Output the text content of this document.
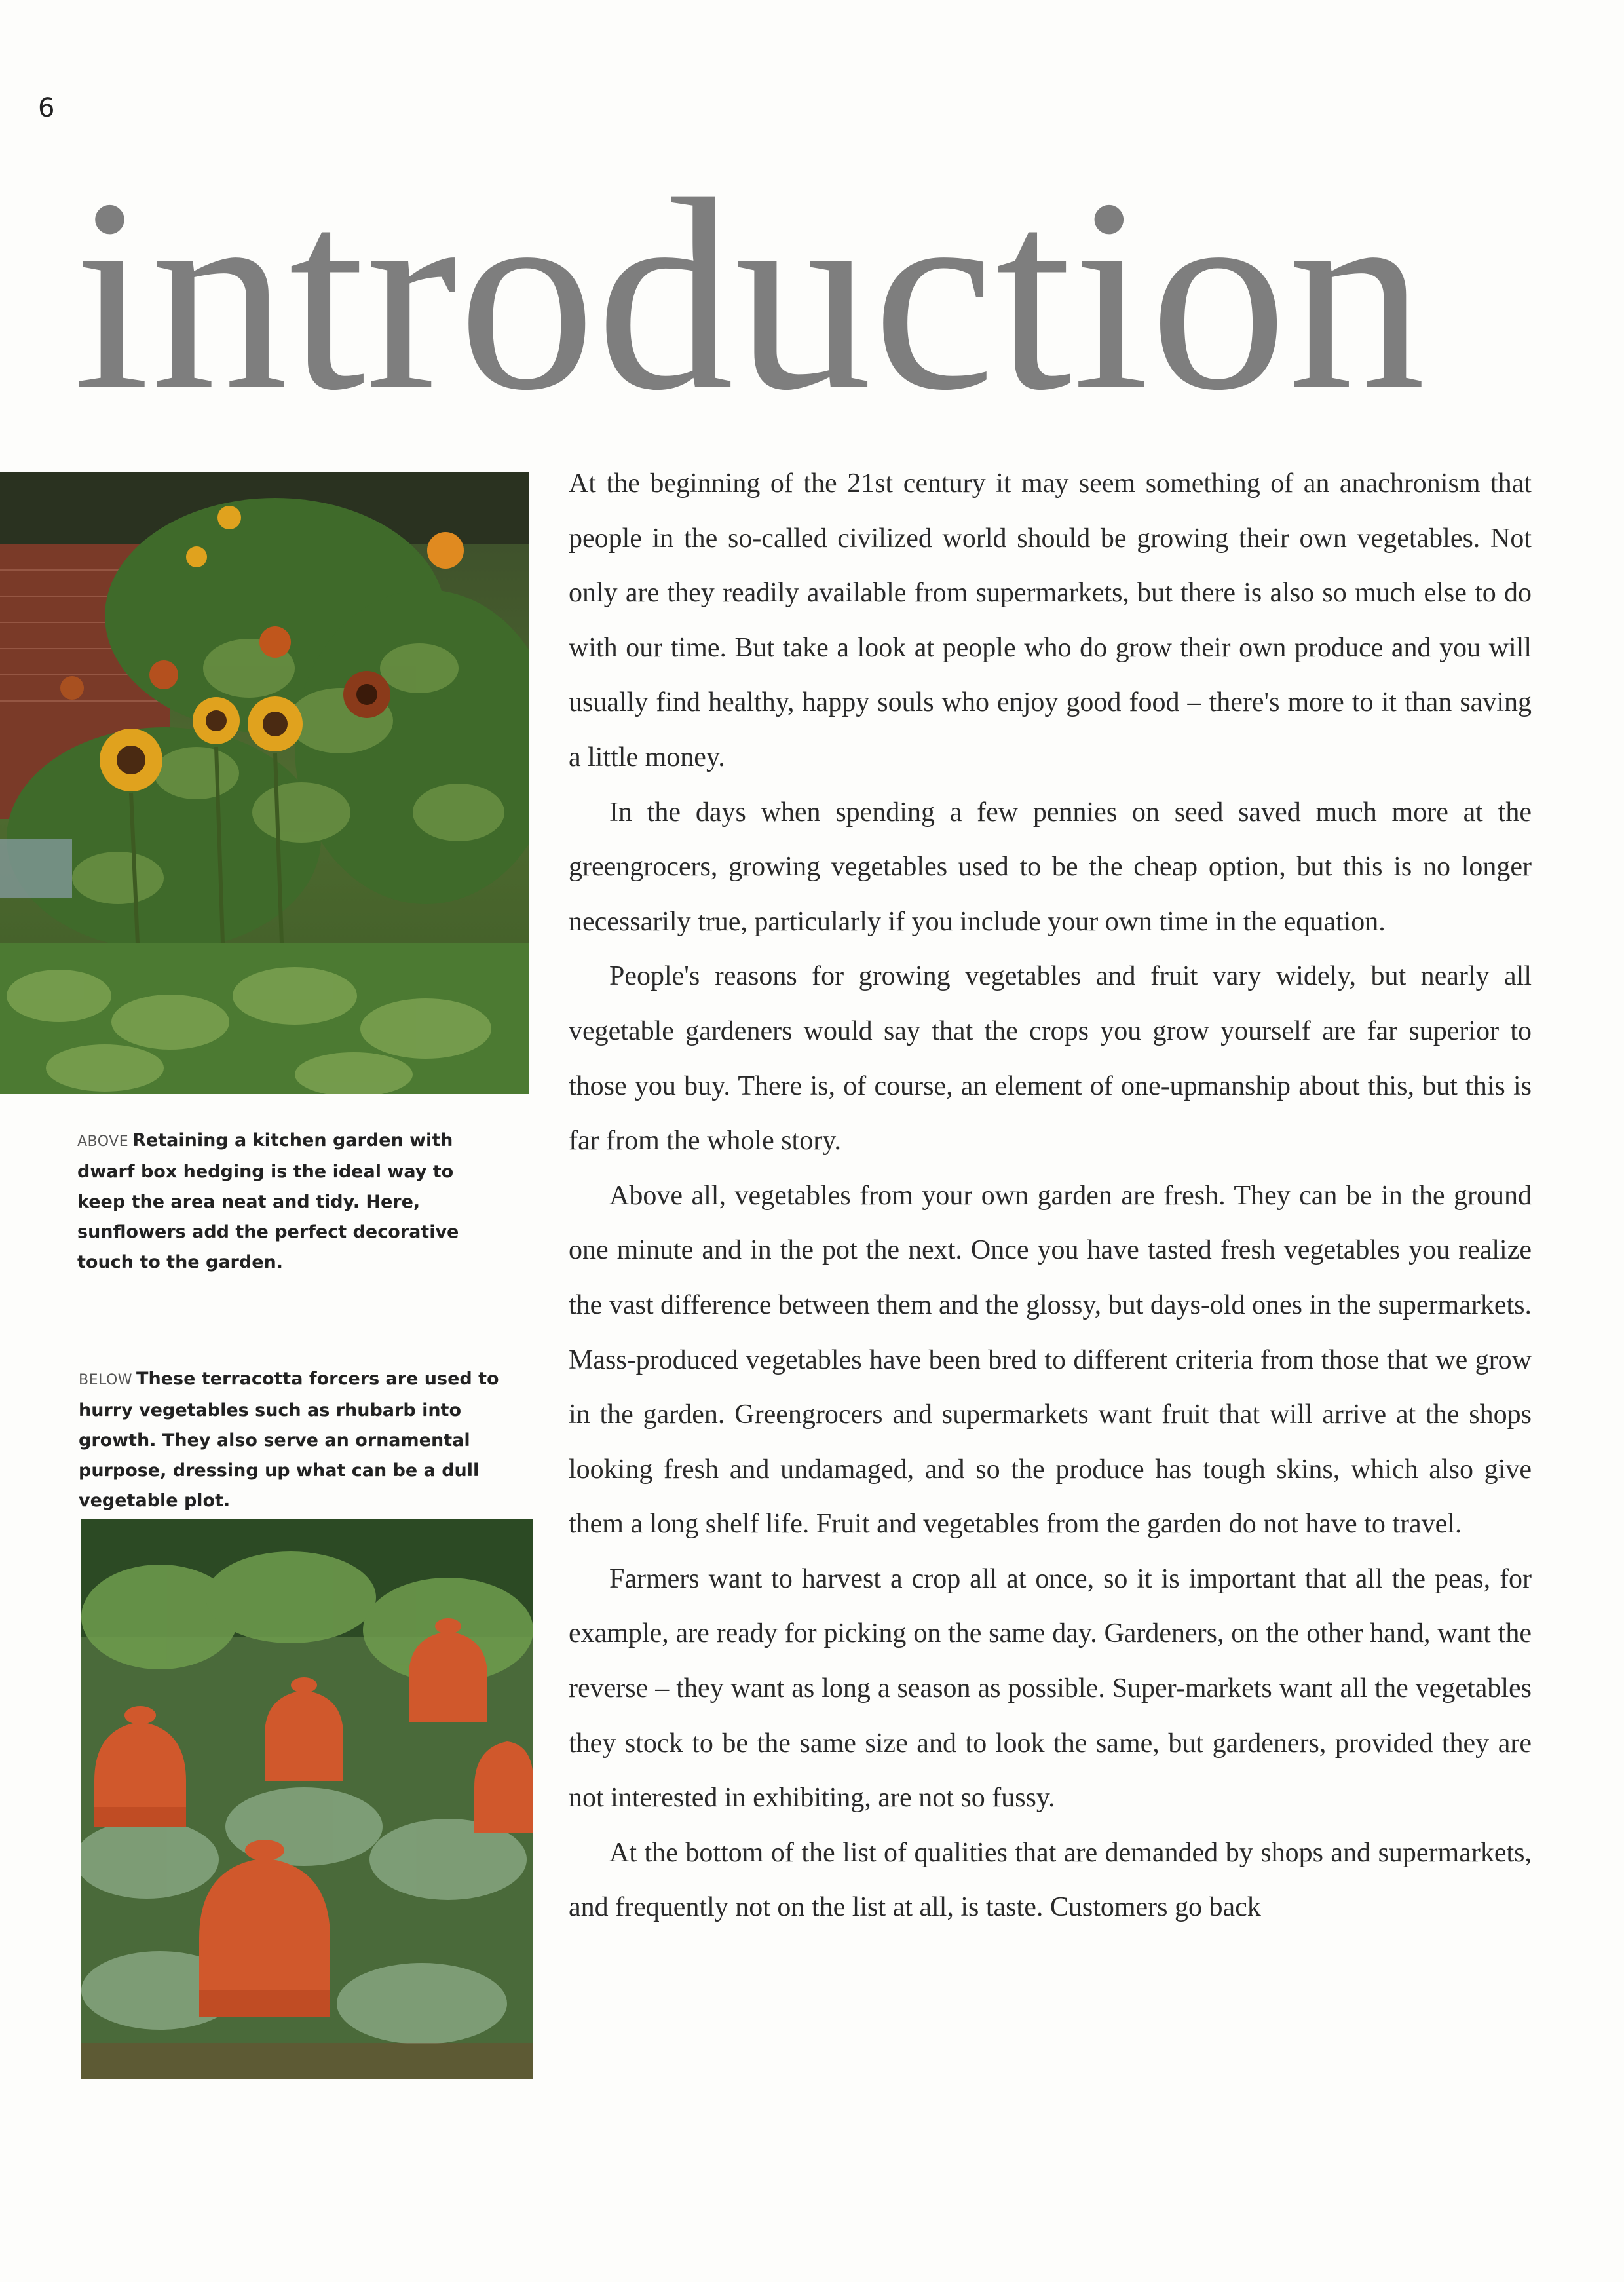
6
introduction
ABOVE Retaining a kitchen garden with dwarf box hedging is the ideal way to keep the area neat and tidy. Here, sunflowers add the perfect decorative touch to the garden.
BELOW These terracotta forcers are used to hurry vegetables such as rhubarb into growth. They also serve an ornamental purpose, dressing up what can be a dull vegetable plot.

At the beginning of the 21st century it may seem something of an anachronism that people in the so-called civilized world should be growing their own vegetables. Not only are they readily available from supermarkets, but there is also so much else to do with our time. But take a look at people who do grow their own produce and you will usually find healthy, happy souls who enjoy good food – there's more to it than saving a little money.

In the days when spending a few pennies on seed saved much more at the greengrocers, growing vegetables used to be the cheap option, but this is no longer necessarily true, particularly if you include your own time in the equation.

People's reasons for growing vegetables and fruit vary widely, but nearly all vegetable gardeners would say that the crops you grow yourself are far superior to those you buy. There is, of course, an element of one-upmanship about this, but this is far from the whole story.

Above all, vegetables from your own garden are fresh. They can be in the ground one minute and in the pot the next. Once you have tasted fresh vegetables you realize the vast difference between them and the glossy, but days-old ones in the supermarkets. Mass-produced vegetables have been bred to different criteria from those that we grow in the garden. Greengrocers and supermarkets want fruit that will arrive at the shops looking fresh and undamaged, and so the produce has tough skins, which also give them a long shelf life. Fruit and vegetables from the garden do not have to travel.

Farmers want to harvest a crop all at once, so it is important that all the peas, for example, are ready for picking on the same day. Gardeners, on the other hand, want the reverse – they want as long a season as possible. Super-markets want all the vegetables they stock to be the same size and to look the same, but gardeners, provided they are not interested in exhibiting, are not so fussy.

At the bottom of the list of qualities that are demanded by shops and supermarkets, and frequently not on the list at all, is taste. Customers go back
